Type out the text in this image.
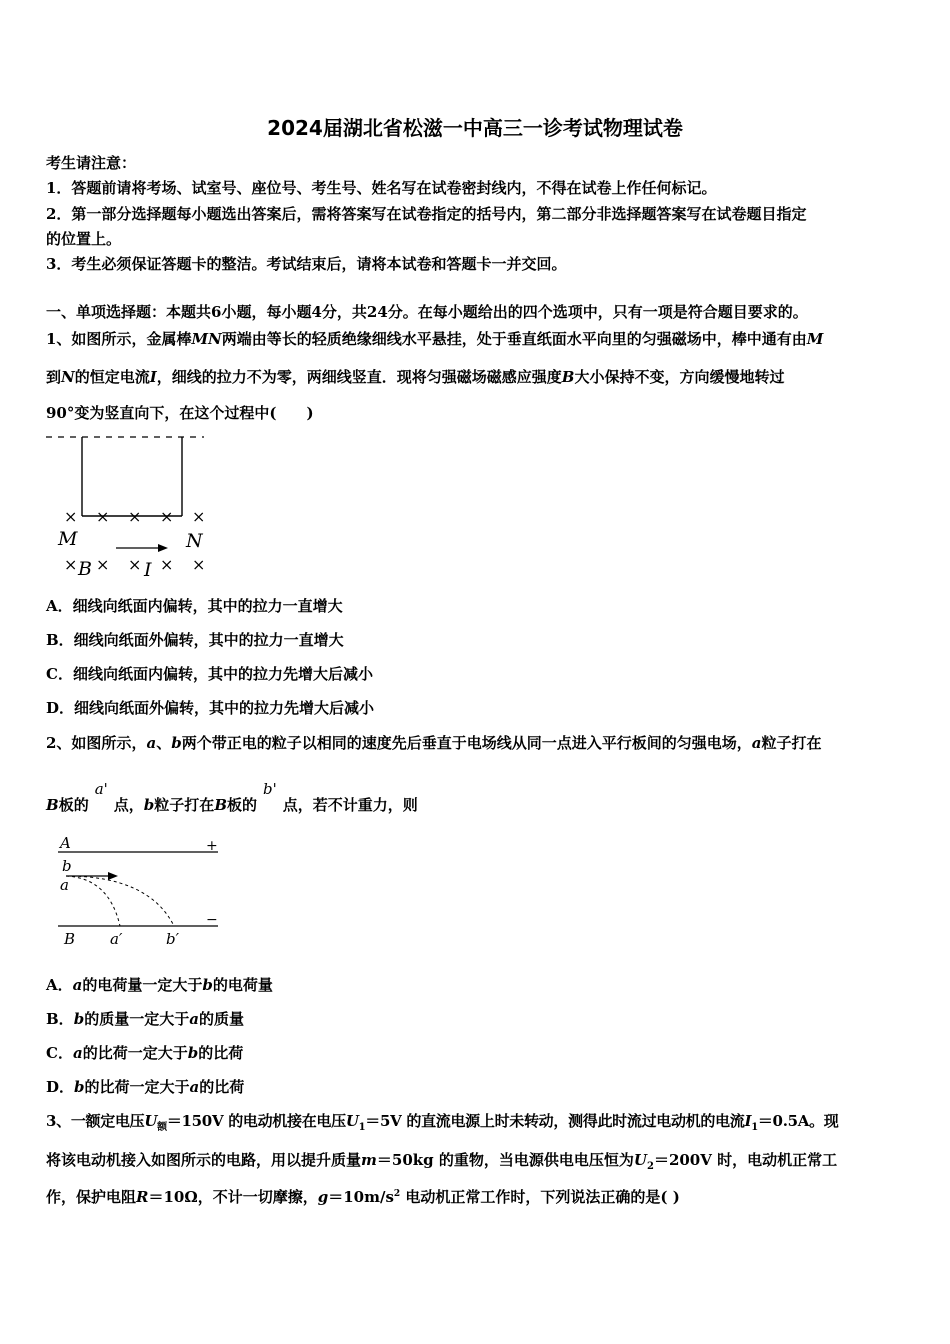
2024届湖北省松滋一中高三一诊考试物理试卷
考生请注意：
1．答题前请将考场、试室号、座位号、考生号、姓名写在试卷密封线内，不得在试卷上作任何标记。
2．第一部分选择题每小题选出答案后，需将答案写在试卷指定的括号内，第二部分非选择题答案写在试卷题目指定
的位置上。
3．考生必须保证答题卡的整洁。考试结束后，请将本试卷和答题卡一并交回。
一、单项选择题：本题共6小题，每小题4分，共24分。在每小题给出的四个选项中，只有一项是符合题目要求的。
1、如图所示，金属棒MN两端由等长的轻质绝缘细线水平悬挂，处于垂直纸面水平向里的匀强磁场中，棒中通有由M
到N的恒定电流I，细线的拉力不为零，两细线竖直．现将匀强磁场磁感应强度B大小保持不变，方向缓慢地转过
90°变为竖直向下，在这个过程中(　　)
× × × × ×
× × × × ×
M	N
B	I
A．细线向纸面内偏转，其中的拉力一直增大
B．细线向纸面外偏转，其中的拉力一直增大
C．细线向纸面内偏转，其中的拉力先增大后减小
D．细线向纸面外偏转，其中的拉力先增大后减小
2、如图所示，a、b两个带正电的粒子以相同的速度先后垂直于电场线从同一点进入平行板间的匀强电场，a粒子打在
B板的a'点，b粒子打在B板的b'点，若不计重力，则
A
b
a
B a′	b′
+
−
A．a的电荷量一定大于b的电荷量
B．b的质量一定大于a的质量
C．a的比荷一定大于b的比荷
D．b的比荷一定大于a的比荷
3、一额定电压$U_额=150V$ 的电动机接在电压$U_1=5V$ 的直流电源上时未转动，测得此时流过电动机的电流$I_1=0.5A$。现
将该电动机接入如图所示的电路，用以提升质量m＝50kg 的重物，当电源供电电压恒为$U_2=200V$ 时，电动机正常工
作，保护电阻R＝10Ω，不计一切摩擦，$g=10m/s^2$ 电动机正常工作时，下列说法正确的是( )
